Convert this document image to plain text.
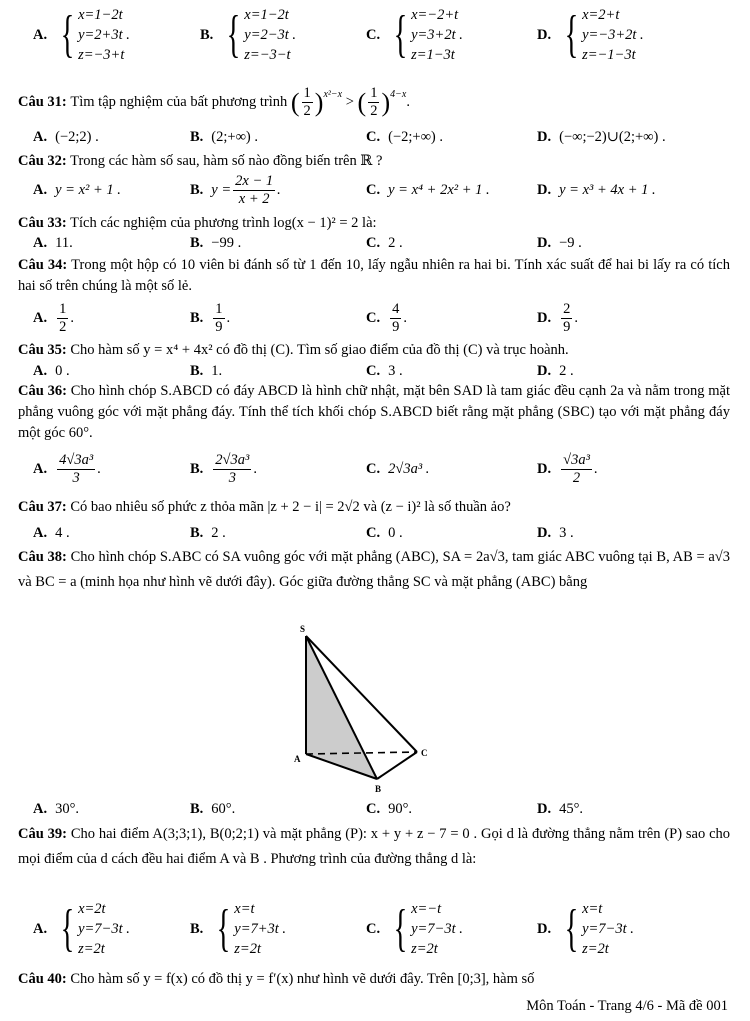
A. { x=1−2t
y=2+3t .
z=−3+t
B. { x=1−2t
y=2−3t .
z=−3−t
C. { x=−2+t
y=3+2t .
z=1−3t
D. { x=2+t
y=−3+2t .
z=−1−3t
Câu 31:
Tìm tập nghiệm của bất phương trình
( $\frac{1}{2} )^{x^2-x}$
>
( $\frac{1}{2} )^{4-x}$ .
A. (−2;2) .	B. (2;+∞) .	C. (−2;+∞) .	D. (−∞;−2)∪(2;+∞) .
Câu 32: Trong các hàm số sau, hàm số nào đồng biến trên ℝ ?
A. y = x² + 1 .	B. $y = \frac{2x - 1}{x + 2}$ .	C. y = x⁴ + 2x² + 1 .	D. y = x³ + 4x + 1 .
Câu 33: Tích các nghiệm của phương trình log(x − 1)² = 2 là:
A. 11.	B. −99 .	C. 2 .	D. −9 .
Câu 34: Trong một hộp có 10 viên bi đánh số từ 1 đến 10, lấy ngẫu nhiên ra hai bi. Tính xác suất để hai bi lấy ra có tích hai số trên chúng là một số lẻ.
A. $\frac{1}{2}$ .	B. $\frac{1}{9}$ .	C. $\frac{4}{9}$ .	D. $\frac{2}{9}$ .
Câu 35: Cho hàm số y = x⁴ + 4x² có đồ thị (C). Tìm số giao điểm của đồ thị (C) và trục hoành.
A. 0 .	B. 1.	C. 3 .	D. 2 .
Câu 36: Cho hình chóp S.ABCD có đáy ABCD là hình chữ nhật, mặt bên SAD là tam giác đều cạnh 2a và nằm trong mặt phẳng vuông góc với mặt phẳng đáy. Tính thể tích khối chóp S.ABCD biết rằng mặt phẳng (SBC) tạo với mặt phẳng đáy một góc 60°.
A. $\frac{\text{4√3a³}}{3}$ .	B. $\frac{\text{2√3a³}}{3}$ .	C. 2√3a³ .	D. $\frac{\text{√3a³}}{2}$ .
Câu 37: Có bao nhiêu số phức z thỏa mãn |z + 2 − i| = 2√2 và (z − i)² là số thuần ảo?
A. 4 .	B. 2 .	C. 0 .	D. 3 .
Câu 38: Cho hình chóp S.ABC có SA vuông góc với mặt phẳng (ABC), SA = 2a√3, tam giác ABC vuông tại B, AB = a√3 và BC = a (minh họa như hình vẽ dưới đây). Góc giữa đường thẳng SC và mặt phẳng (ABC) bằng
S
A
B
C
A. 30°.	B. 60°.	C. 90°.	D. 45°.
Câu 39: Cho hai điểm A(3;3;1), B(0;2;1) và mặt phẳng (P): x + y + z − 7 = 0 . Gọi d là đường thẳng nằm trên (P) sao cho mọi điểm của d cách đều hai điểm A và B . Phương trình của đường thẳng d là:
A. { x=2t
y=7−3t .
z=2t
B. { x=t
y=7+3t .
z=2t
C. { x=−t
y=7−3t .
z=2t
D. { x=t
y=7−3t .
z=2t
Câu 40: Cho hàm số y = f(x) có đồ thị y = f′(x) như hình vẽ dưới đây. Trên [0;3], hàm số
Môn Toán - Trang 4/6 - Mã đề 001
